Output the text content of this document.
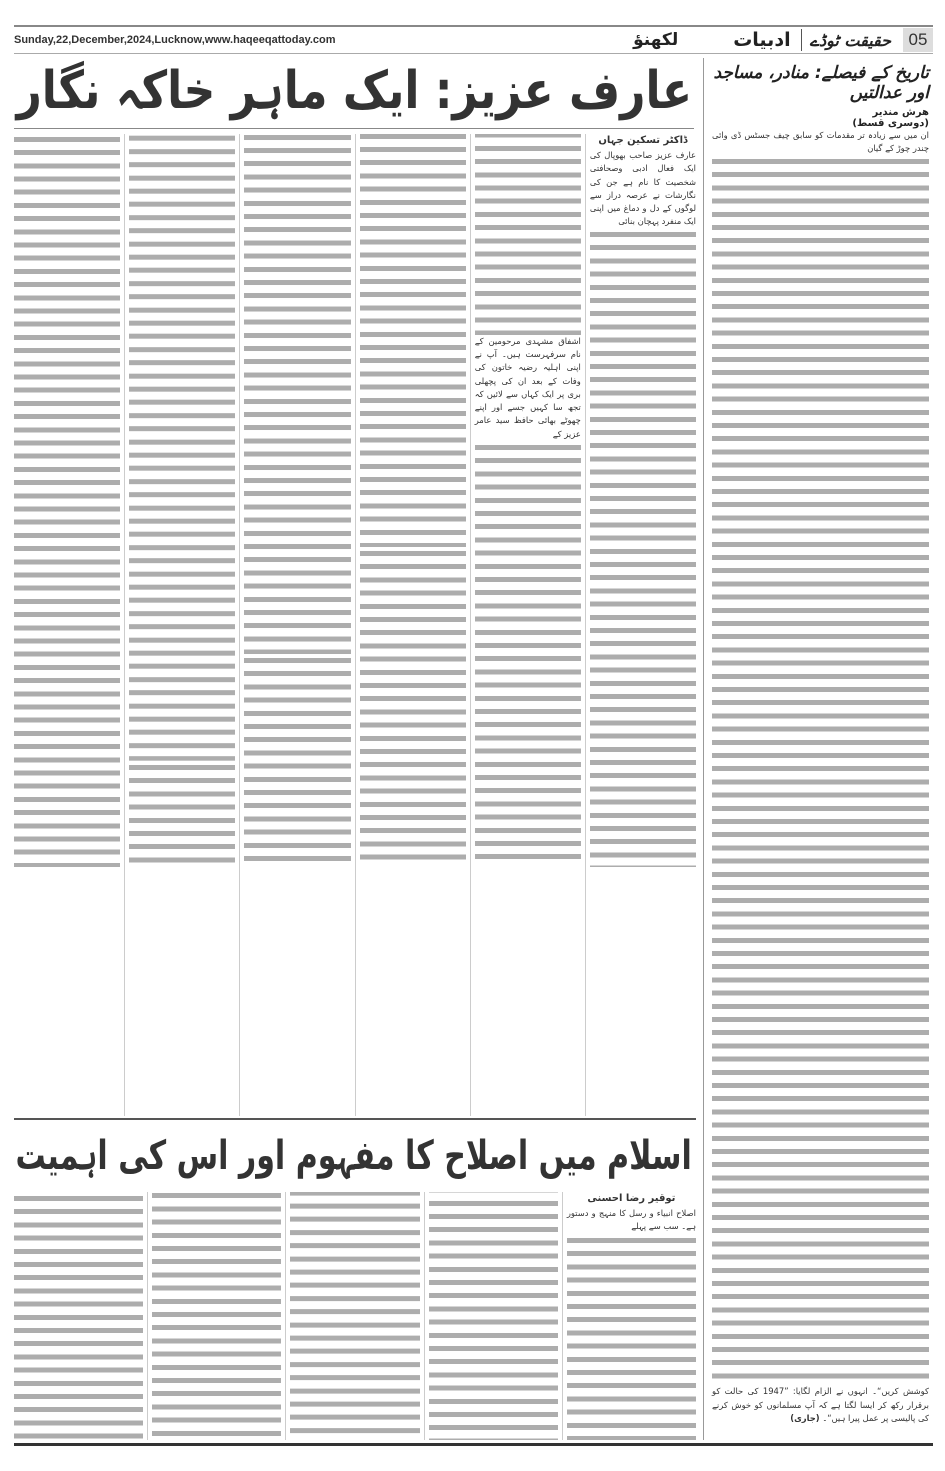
Sunday,22,December,2024,Lucknow,www.haqeeqattoday.com	لکھنؤ	ادبیات حقیقت ٹوڈے	05
عارف عزیز: ایک ماہر خاکہ نگار
ڈاکٹر تسکین جہاں

عارف عزیز صاحب بھوپال کی ایک فعال ادبی وصحافتی شخصیت کا نام ہے جن کی نگارشات نے عرصہ دراز سے لوگوں کے دل و دماغ میں اپنی ایک منفرد پہچان بنائی

اشفاق مشہدی مرحومین کے نام سرفہرست ہیں۔ آپ نے اپنی اہلیہ رضیہ خاتون کی وفات کے بعد ان کی پچھلی بری پر ایک کہاں سے لائیں کہ تجھ سا کہیں جسے اور اپنے چھوٹے بھائی حافظ سید عامر عزیز کے

تاریخ کے فیصلے: منادر، مساجد اور عدالتیں
هرش مندیر
(دوسری قسط)

ان میں سے زیادہ تر مقدمات کو سابق چیف جسٹس ڈی وائی چندر چوڑ کے گیان

کوشش کریں“۔ انہوں نے الزام لگایا: ”1947 کی حالت کو برقرار رکھ کر ایسا لگتا ہے کہ آپ مسلمانوں کو خوش کرنے کی پالیسی پر عمل پیرا ہیں“۔ (جاری)

اسلام میں اصلاح کا مفہوم اور اس کی اہمیت
توقیر رضا احسنی

اصلاح انبیاء و رسل کا منہج و دستور ہے۔ سب سے پہلے
